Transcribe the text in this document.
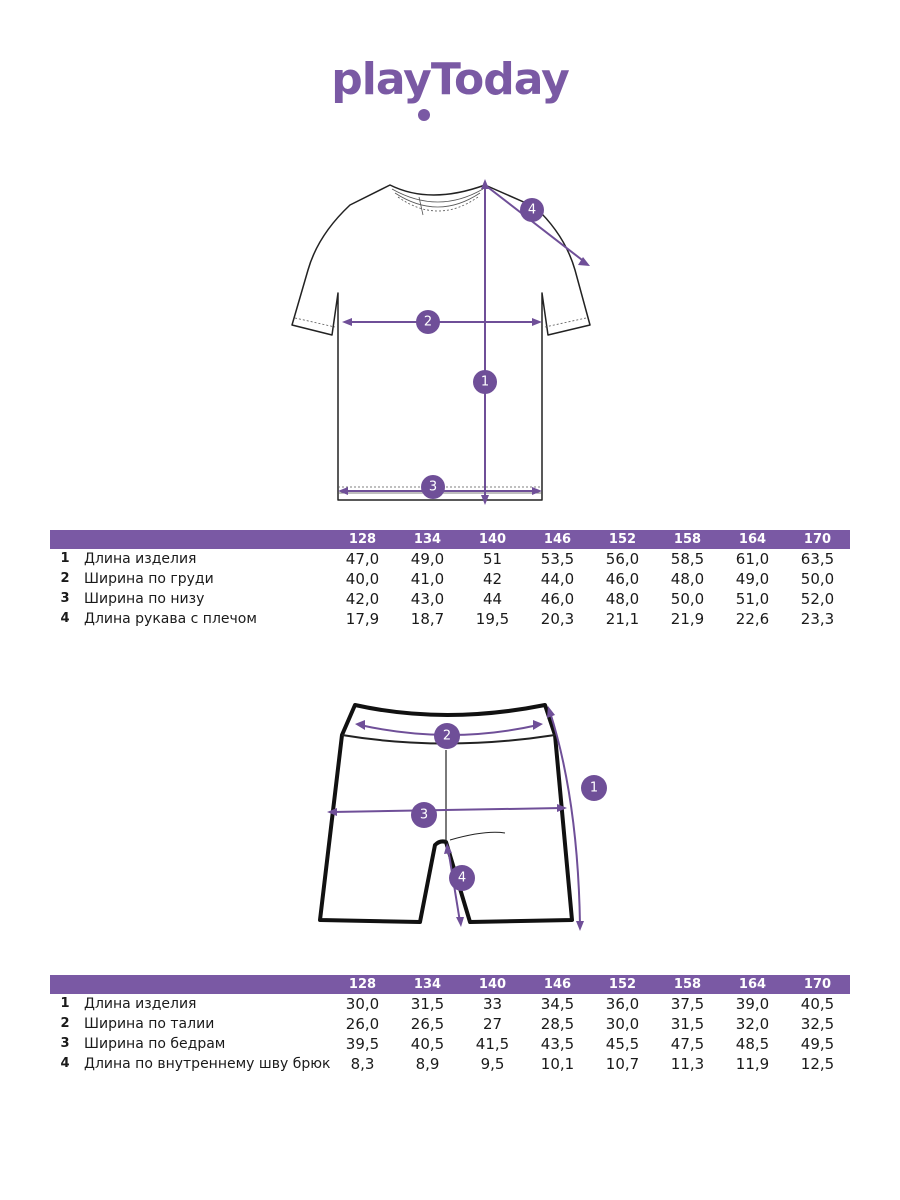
playToday
1
2
3
4
		128	134	140	146	152	158	164	170
1	Длина изделия	47,0	49,0	51	53,5	56,0	58,5	61,0	63,5
2	Ширина по груди	40,0	41,0	42	44,0	46,0	48,0	49,0	50,0
3	Ширина по низу	42,0	43,0	44	46,0	48,0	50,0	51,0	52,0
4	Длина рукава с плечом	17,9	18,7	19,5	20,3	21,1	21,9	22,6	23,3
1
2
3
4
		128	134	140	146	152	158	164	170
1	Длина изделия	30,0	31,5	33	34,5	36,0	37,5	39,0	40,5
2	Ширина по талии	26,0	26,5	27	28,5	30,0	31,5	32,0	32,5
3	Ширина по бедрам	39,5	40,5	41,5	43,5	45,5	47,5	48,5	49,5
4	Длина по внутреннему шву брюк	8,3	8,9	9,5	10,1	10,7	11,3	11,9	12,5
